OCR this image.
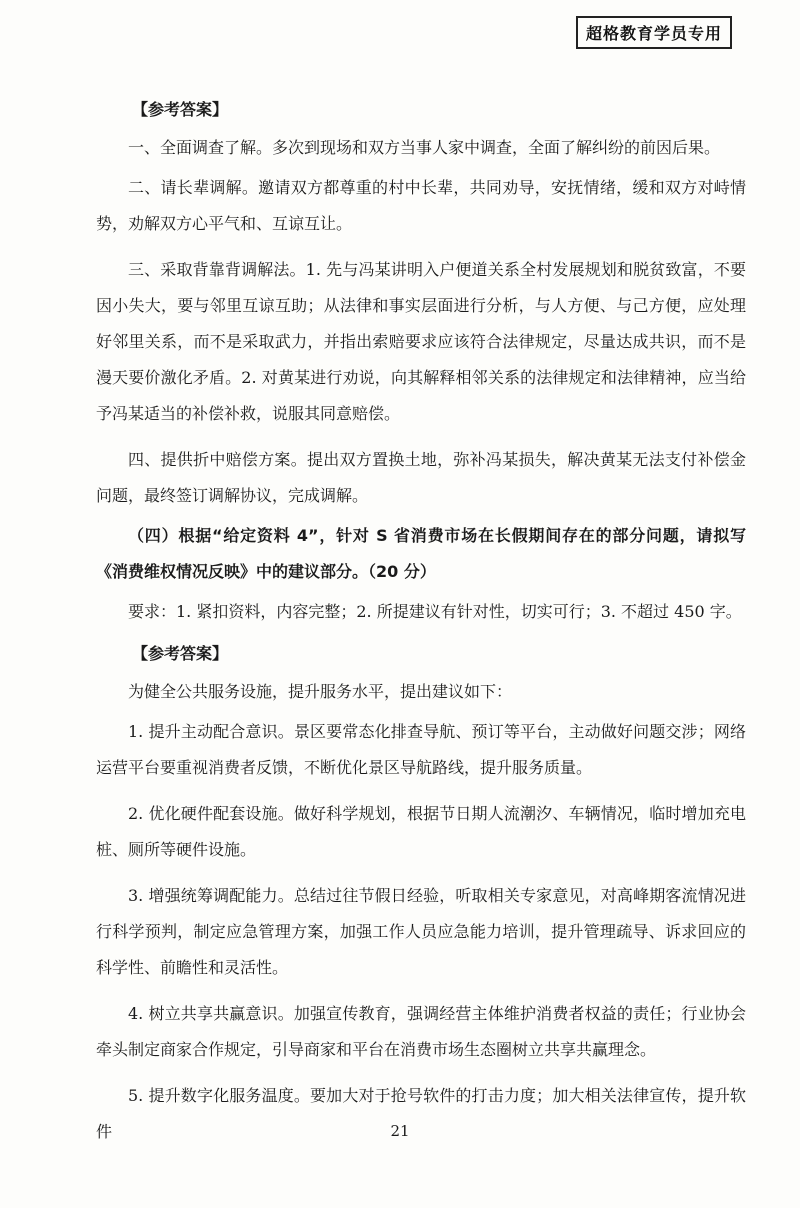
超格教育学员专用
【参考答案】

一、全面调查了解。多次到现场和双方当事人家中调查，全面了解纠纷的前因后果。

二、请长辈调解。邀请双方都尊重的村中长辈，共同劝导，安抚情绪，缓和双方对峙情势，劝解双方心平气和、互谅互让。

三、采取背靠背调解法。1. 先与冯某讲明入户便道关系全村发展规划和脱贫致富，不要因小失大，要与邻里互谅互助；从法律和事实层面进行分析，与人方便、与己方便，应处理好邻里关系，而不是采取武力，并指出索赔要求应该符合法律规定，尽量达成共识，而不是漫天要价激化矛盾。2. 对黄某进行劝说，向其解释相邻关系的法律规定和法律精神，应当给予冯某适当的补偿补救，说服其同意赔偿。

四、提供折中赔偿方案。提出双方置换土地，弥补冯某损失，解决黄某无法支付补偿金问题，最终签订调解协议，完成调解。

（四）根据“给定资料 4”，针对 S 省消费市场在长假期间存在的部分问题，请拟写《消费维权情况反映》中的建议部分。（20 分）

要求：1. 紧扣资料，内容完整；2. 所提建议有针对性，切实可行；3. 不超过 450 字。

【参考答案】

为健全公共服务设施，提升服务水平，提出建议如下：

1. 提升主动配合意识。景区要常态化排查导航、预订等平台，主动做好问题交涉；网络运营平台要重视消费者反馈，不断优化景区导航路线，提升服务质量。

2. 优化硬件配套设施。做好科学规划，根据节日期人流潮汐、车辆情况，临时增加充电桩、厕所等硬件设施。

3. 增强统筹调配能力。总结过往节假日经验，听取相关专家意见，对高峰期客流情况进行科学预判，制定应急管理方案，加强工作人员应急能力培训，提升管理疏导、诉求回应的科学性、前瞻性和灵活性。

4. 树立共享共赢意识。加强宣传教育，强调经营主体维护消费者权益的责任；行业协会牵头制定商家合作规定，引导商家和平台在消费市场生态圈树立共享共赢理念。

5. 提升数字化服务温度。要加大对于抢号软件的打击力度；加大相关法律宣传，提升软件	21
